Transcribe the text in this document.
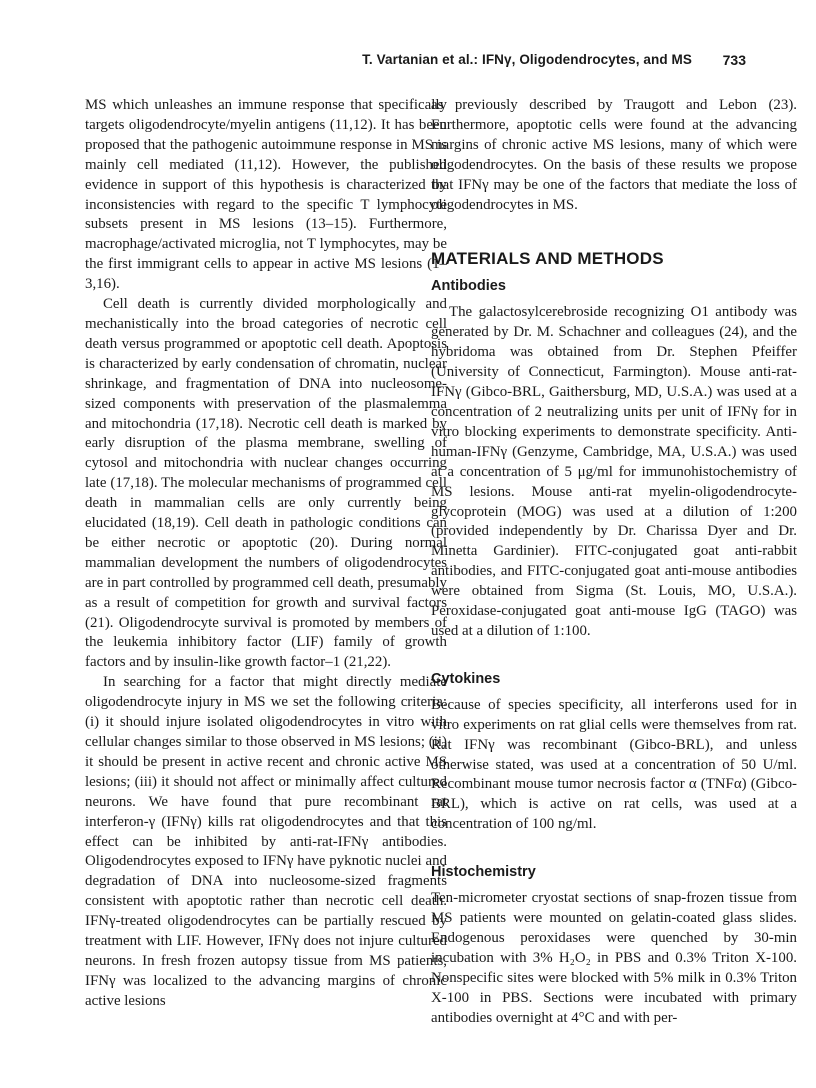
T. Vartanian et al.: IFNγ, Oligodendrocytes, and MS 733

MS which unleashes an immune response that specifically targets oligodendrocyte/myelin antigens (11,12). It has been proposed that the pathogenic autoimmune response in MS is mainly cell mediated (11,12). However, the published evidence in support of this hypothesis is characterized by inconsistencies with regard to the specific T lymphocyte subsets present in MS lesions (13–15). Furthermore, macrophage/activated microglia, not T lymphocytes, may be the first immigrant cells to appear in active MS lesions (1–3,16).

Cell death is currently divided morphologically and mechanistically into the broad categories of necrotic cell death versus programmed or apoptotic cell death. Apoptosis is characterized by early condensation of chromatin, nuclear shrinkage, and fragmentation of DNA into nucleosome-sized components with preservation of the plasmalemma and mitochondria (17,18). Necrotic cell death is marked by early disruption of the plasma membrane, swelling of cytosol and mitochondria with nuclear changes occurring late (17,18). The molecular mechanisms of programmed cell death in mammalian cells are only currently being elucidated (18,19). Cell death in pathologic conditions can be either necrotic or apoptotic (20). During normal mammalian development the numbers of oligodendrocytes are in part controlled by programmed cell death, presumably as a result of competition for growth and survival factors (21). Oligodendrocyte survival is promoted by members of the leukemia inhibitory factor (LIF) family of growth factors and by insulin-like growth factor–1 (21,22).

In searching for a factor that might directly mediate oligodendrocyte injury in MS we set the following criteria: (i) it should injure isolated oligodendrocytes in vitro with cellular changes similar to those observed in MS lesions; (ii) it should be present in active recent and chronic active MS lesions; (iii) it should not affect or minimally affect cultured neurons. We have found that pure recombinant rat interferon-γ (IFNγ) kills rat oligodendrocytes and that this effect can be inhibited by anti-rat-IFNγ antibodies. Oligodendrocytes exposed to IFNγ have pyknotic nuclei and degradation of DNA into nucleosome-sized fragments consistent with apoptotic rather than necrotic cell death. IFNγ-treated oligodendrocytes can be partially rescued by treatment with LIF. However, IFNγ does not injure cultured neurons. In fresh frozen autopsy tissue from MS patients, IFNγ was localized to the advancing margins of chronic active lesions

as previously described by Traugott and Lebon (23). Furthermore, apoptotic cells were found at the advancing margins of chronic active MS lesions, many of which were oligodendrocytes. On the basis of these results we propose that IFNγ may be one of the factors that mediate the loss of oligodendrocytes in MS.

MATERIALS AND METHODS
Antibodies

The galactosylcerebroside recognizing O1 antibody was generated by Dr. M. Schachner and colleagues (24), and the hybridoma was obtained from Dr. Stephen Pfeiffer (University of Connecticut, Farmington). Mouse anti-rat-IFNγ (Gibco-BRL, Gaithersburg, MD, U.S.A.) was used at a concentration of 2 neutralizing units per unit of IFNγ for in vitro blocking experiments to demonstrate specificity. Anti-human-IFNγ (Genzyme, Cambridge, MA, U.S.A.) was used at a concentration of 5 μg/ml for immunohistochemistry of MS lesions. Mouse anti-rat myelin-oligodendrocyte-glycoprotein (MOG) was used at a dilution of 1:200 (provided independently by Dr. Charissa Dyer and Dr. Minetta Gardinier). FITC-conjugated goat anti-rabbit antibodies, and FITC-conjugated goat anti-mouse antibodies were obtained from Sigma (St. Louis, MO, U.S.A.). Peroxidase-conjugated goat anti-mouse IgG (TAGO) was used at a dilution of 1:100.

Cytokines

Because of species specificity, all interferons used for in vitro experiments on rat glial cells were themselves from rat. Rat IFNγ was recombinant (Gibco-BRL), and unless otherwise stated, was used at a concentration of 50 U/ml. Recombinant mouse tumor necrosis factor α (TNFα) (Gibco-BRL), which is active on rat cells, was used at a concentration of 100 ng/ml.

Histochemistry

Ten-micrometer cryostat sections of snap-frozen tissue from MS patients were mounted on gelatin-coated glass slides. Endogenous peroxidases were quenched by 30-min incubation with 3% H₂O₂ in PBS and 0.3% Triton X-100. Nonspecific sites were blocked with 5% milk in 0.3% Triton X-100 in PBS. Sections were incubated with primary antibodies overnight at 4°C and with per-
